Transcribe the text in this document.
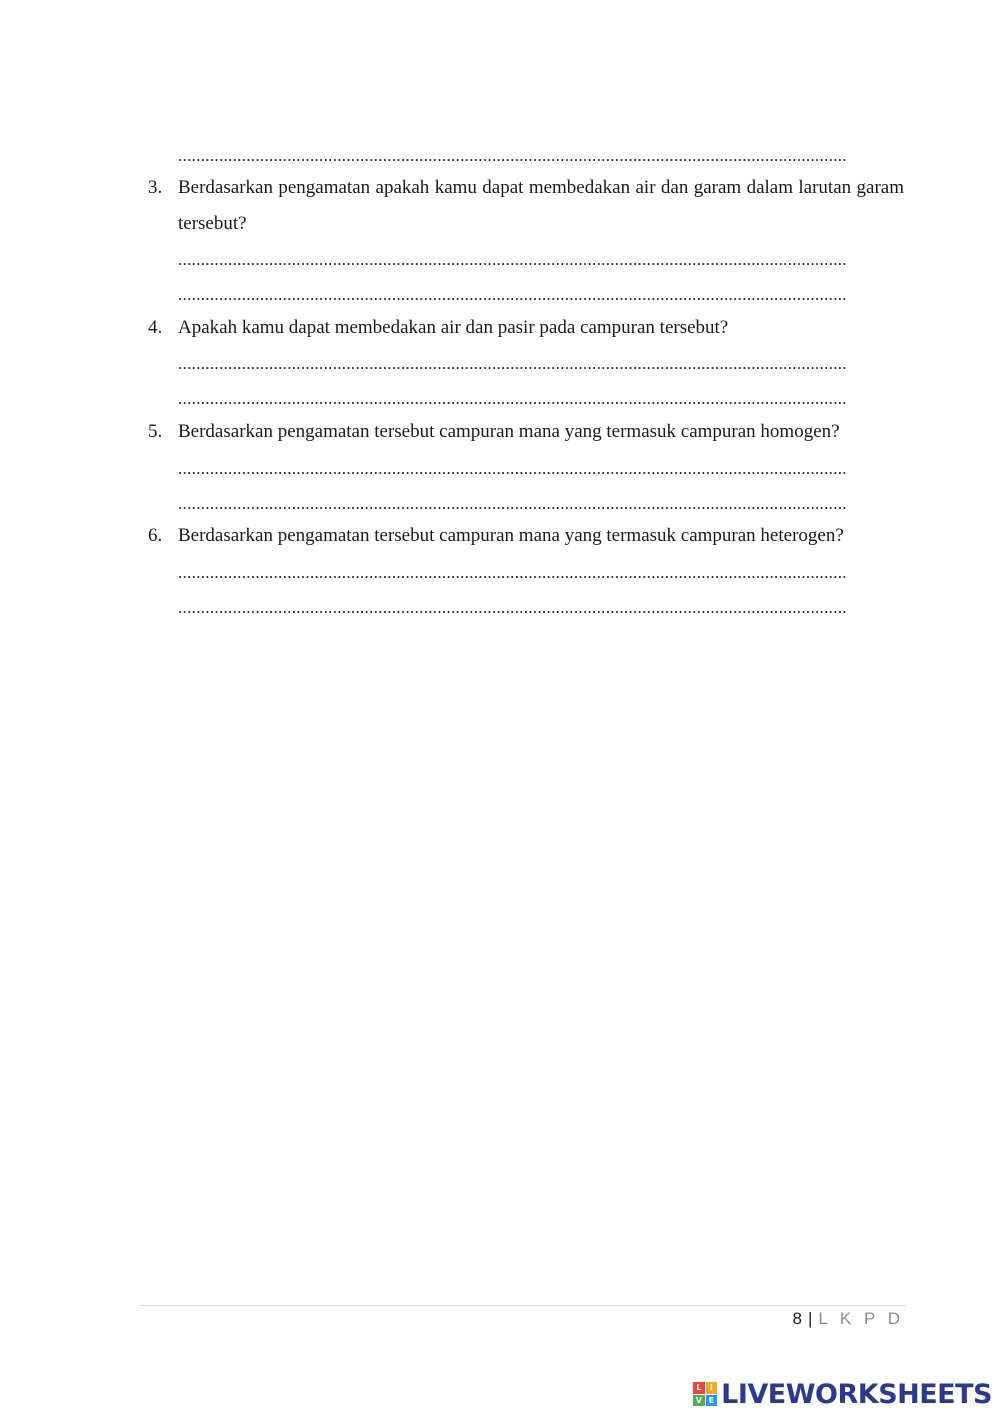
...................................................................................................................................................
3. Berdasarkan pengamatan apakah kamu dapat membedakan air dan garam dalam larutan garam tersebut?
...................................................................................................................................................
...................................................................................................................................................
4. Apakah kamu dapat membedakan air dan pasir pada campuran tersebut?
...................................................................................................................................................
...................................................................................................................................................
5. Berdasarkan pengamatan tersebut campuran mana yang termasuk campuran homogen?
...................................................................................................................................................
...................................................................................................................................................
6. Berdasarkan pengamatan tersebut campuran mana yang termasuk campuran heterogen?
...................................................................................................................................................
...................................................................................................................................................
8 | L K P D
L	I
V E LIVEWORKSHEETS
